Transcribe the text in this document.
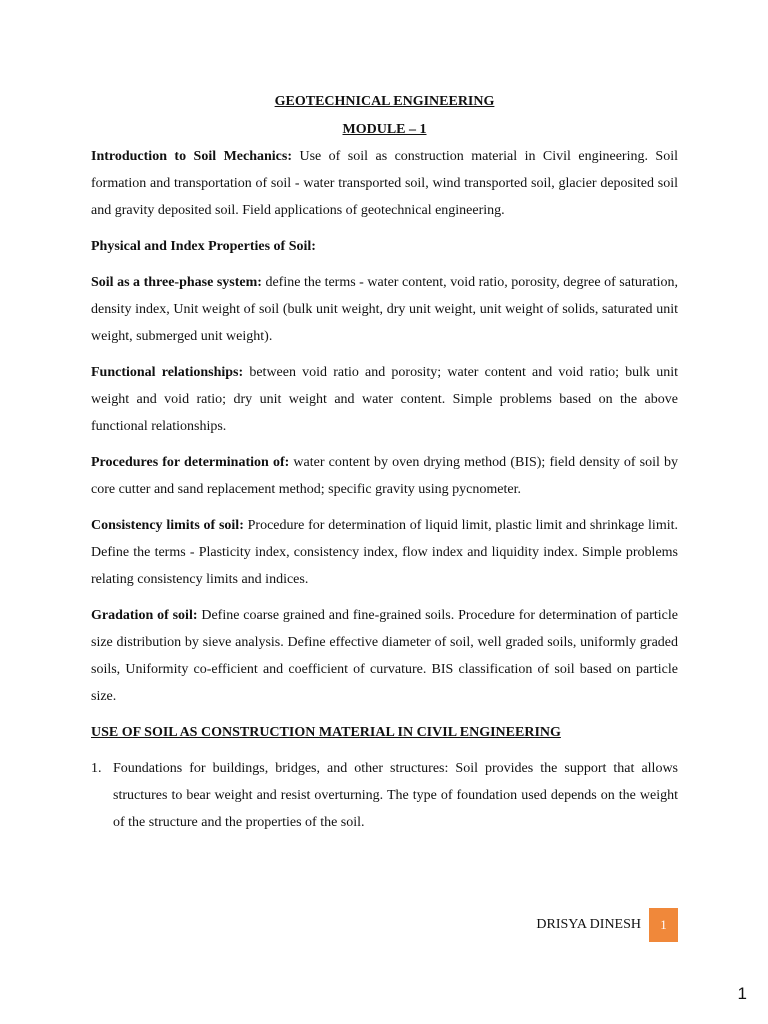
GEOTECHNICAL ENGINEERING

MODULE – 1

Introduction to Soil Mechanics: Use of soil as construction material in Civil engineering. Soil formation and transportation of soil - water transported soil, wind transported soil, glacier deposited soil and gravity deposited soil. Field applications of geotechnical engineering.

Physical and Index Properties of Soil:

Soil as a three-phase system: define the terms - water content, void ratio, porosity, degree of saturation, density index, Unit weight of soil (bulk unit weight, dry unit weight, unit weight of solids, saturated unit weight, submerged unit weight).

Functional relationships: between void ratio and porosity; water content and void ratio; bulk unit weight and void ratio; dry unit weight and water content. Simple problems based on the above functional relationships.

Procedures for determination of: water content by oven drying method (BIS); field density of soil by core cutter and sand replacement method; specific gravity using pycnometer.

Consistency limits of soil: Procedure for determination of liquid limit, plastic limit and shrinkage limit. Define the terms - Plasticity index, consistency index, flow index and liquidity index. Simple problems relating consistency limits and indices.

Gradation of soil: Define coarse grained and fine-grained soils. Procedure for determination of particle size distribution by sieve analysis. Define effective diameter of soil, well graded soils, uniformly graded soils, Uniformity co-efficient and coefficient of curvature. BIS classification of soil based on particle size.

USE OF SOIL AS CONSTRUCTION MATERIAL IN CIVIL ENGINEERING

1. Foundations for buildings, bridges, and other structures: Soil provides the support that allows structures to bear weight and resist overturning. The type of foundation used depends on the weight of the structure and the properties of the soil.
DRISYA DINESH	1
1
